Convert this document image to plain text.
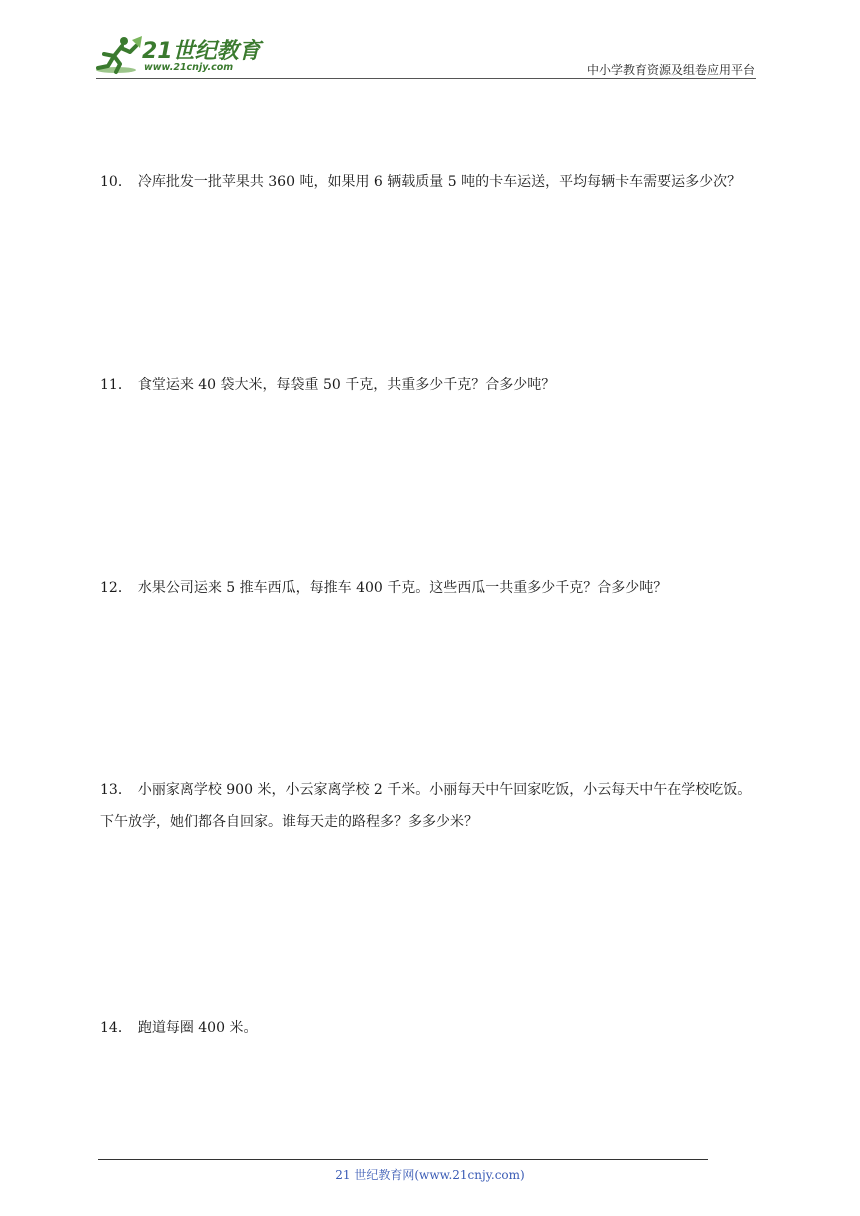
21世纪教育
www.21cnjy.com	中小学教育资源及组卷应用平台
10． 冷库批发一批苹果共 360 吨，如果用 6 辆载质量 5 吨的卡车运送，平均每辆卡车需要运多少次？
11． 食堂运来 40 袋大米，每袋重 50 千克，共重多少千克？合多少吨？
12． 水果公司运来 5 推车西瓜，每推车 400 千克。这些西瓜一共重多少千克？合多少吨？
13． 小丽家离学校 900 米，小云家离学校 2 千米。小丽每天中午回家吃饭，小云每天中午在学校吃饭。
下午放学，她们都各自回家。谁每天走的路程多？多多少米？
14． 跑道每圈 400 米。
21 世纪教育网(www.21cnjy.com)
